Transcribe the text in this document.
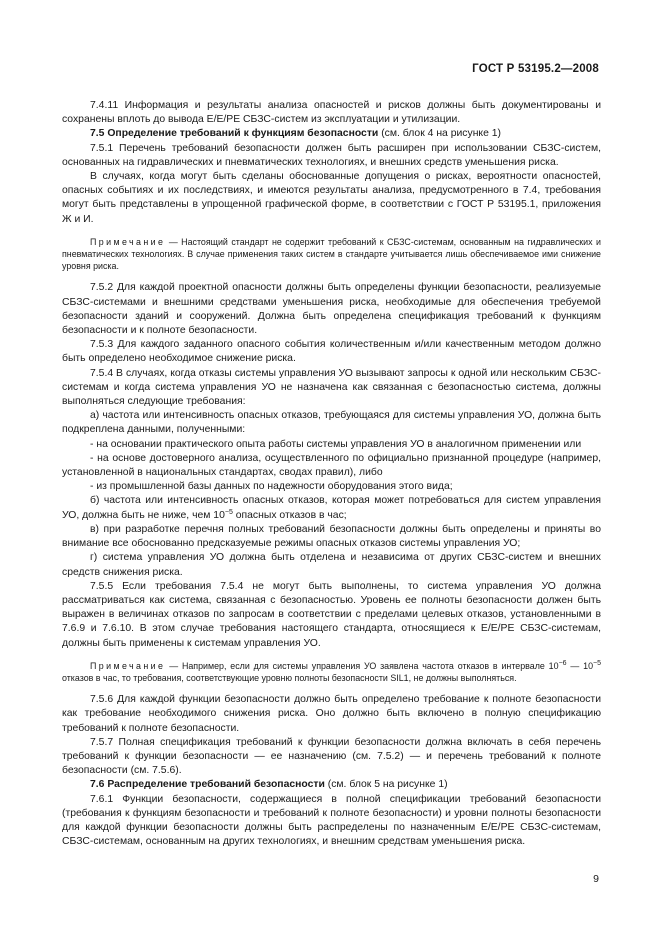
ГОСТ Р 53195.2—2008

7.4.11 Информация и результаты анализа опасностей и рисков должны быть документированы и сохранены вплоть до вывода Е/Е/РЕ СБЗС-систем из эксплуатации и утилизации.

7.5 Определение требований к функциям безопасности (см. блок 4 на рисунке 1)

7.5.1 Перечень требований безопасности должен быть расширен при использовании СБЗС-систем, основанных на гидравлических и пневматических технологиях, и внешних средств уменьшения риска.

В случаях, когда могут быть сделаны обоснованные допущения о рисках, вероятности опасностей, опасных событиях и их последствиях, и имеются результаты анализа, предусмотренного в 7.4, требования могут быть представлены в упрощенной графической форме, в соответствии с ГОСТ Р 53195.1, приложения Ж и И.

Примечание — Настоящий стандарт не содержит требований к СБЗС-системам, основанным на гидравлических и пневматических технологиях. В случае применения таких систем в стандарте учитывается лишь обеспечиваемое ими снижение уровня риска.

7.5.2 Для каждой проектной опасности должны быть определены функции безопасности, реализуемые СБЗС-системами и внешними средствами уменьшения риска, необходимые для обеспечения требуемой безопасности зданий и сооружений. Должна быть определена спецификация требований к функциям безопасности и к полноте безопасности.

7.5.3 Для каждого заданного опасного события количественным и/или качественным методом должно быть определено необходимое снижение риска.

7.5.4 В случаях, когда отказы системы управления УО вызывают запросы к одной или нескольким СБЗС-системам и когда система управления УО не назначена как связанная с безопасностью система, должны выполняться следующие требования:

а) частота или интенсивность опасных отказов, требующаяся для системы управления УО, должна быть подкреплена данными, полученными:

- на основании практического опыта работы системы управления УО в аналогичном применении или

- на основе достоверного анализа, осуществленного по официально признанной процедуре (например, установленной в национальных стандартах, сводах правил), либо

- из промышленной базы данных по надежности оборудования этого вида;

б) частота или интенсивность опасных отказов, которая может потребоваться для систем управления УО, должна быть не ниже, чем $10^{-5}$ опасных отказов в час;

в) при разработке перечня полных требований безопасности должны быть определены и приняты во внимание все обоснованно предсказуемые режимы опасных отказов системы управления УО;

г) система управления УО должна быть отделена и независима от других СБЗС-систем и внешних средств снижения риска.

7.5.5 Если требования 7.5.4 не могут быть выполнены, то система управления УО должна рассматриваться как система, связанная с безопасностью. Уровень ее полноты безопасности должен быть выражен в величинах отказов по запросам в соответствии с пределами целевых отказов, установленными в 7.6.9 и 7.6.10. В этом случае требования настоящего стандарта, относящиеся к Е/Е/РЕ СБЗС-системам, должны быть применены к системам управления УО.

Примечание — Например, если для системы управления УО заявлена частота отказов в интервале $10^{-6}$ — $10^{-5}$ отказов в час, то требования, соответствующие уровню полноты безопасности SIL1, не должны выполняться.

7.5.6 Для каждой функции безопасности должно быть определено требование к полноте безопасности как требование необходимого снижения риска. Оно должно быть включено в полную спецификацию требований к полноте безопасности.

7.5.7 Полная спецификация требований к функции безопасности должна включать в себя перечень требований к функции безопасности — ее назначению (см. 7.5.2) — и перечень требований к полноте безопасности (см. 7.5.6).

7.6 Распределение требований безопасности (см. блок 5 на рисунке 1)

7.6.1 Функции безопасности, содержащиеся в полной спецификации требований безопасности (требования к функциям безопасности и требований к полноте безопасности) и уровни полноты безопасности для каждой функции безопасности должны быть распределены по назначенным Е/Е/РЕ СБЗС-системам, СБЗС-системам, основанным на других технологиях, и внешним средствам уменьшения риска.

9
